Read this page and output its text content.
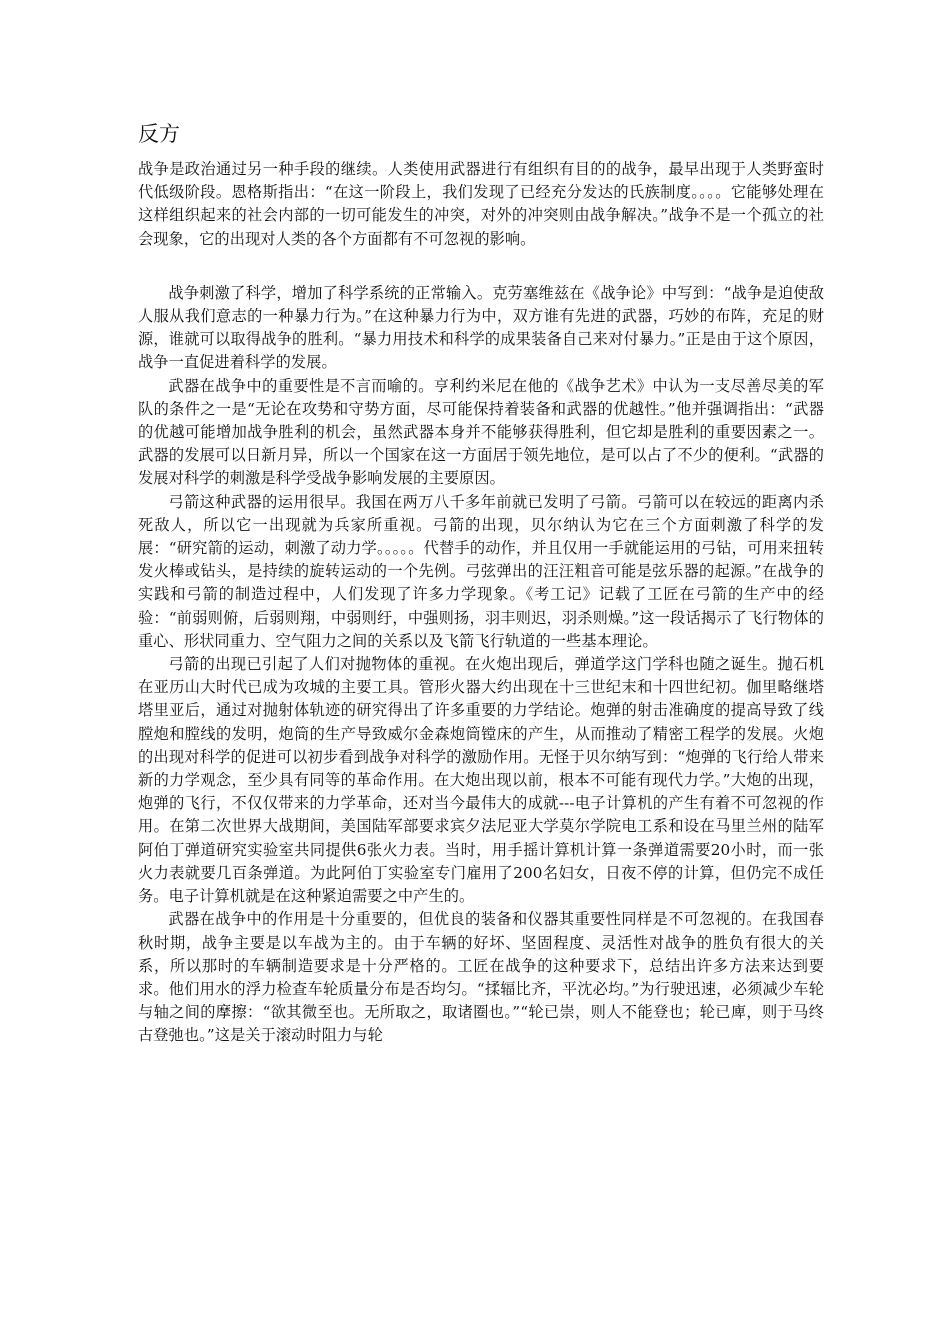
反方

战争是政治通过另一种手段的继续。人类使用武器进行有组织有目的的战争，最早出现于人类野蛮时代低级阶段。恩格斯指出：“在这一阶段上，我们发现了已经充分发达的氏族制度。。。。它能够处理在这样组织起来的社会内部的一切可能发生的冲突，对外的冲突则由战争解决。”战争不是一个孤立的社会现象，它的出现对人类的各个方面都有不可忽视的影响。

战争刺激了科学，增加了科学系统的正常输入。克劳塞维兹在《战争论》中写到：“战争是迫使敌人服从我们意志的一种暴力行为。”在这种暴力行为中，双方谁有先进的武器，巧妙的布阵，充足的财源，谁就可以取得战争的胜利。“暴力用技术和科学的成果装备自己来对付暴力。”正是由于这个原因，战争一直促进着科学的发展。

武器在战争中的重要性是不言而喻的。亨利约米尼在他的《战争艺术》中认为一支尽善尽美的军队的条件之一是“无论在攻势和守势方面，尽可能保持着装备和武器的优越性。”他并强调指出：“武器的优越可能增加战争胜利的机会，虽然武器本身并不能够获得胜利，但它却是胜利的重要因素之一。武器的发展可以日新月异，所以一个国家在这一方面居于领先地位，是可以占了不少的便利。“武器的发展对科学的刺激是科学受战争影响发展的主要原因。

弓箭这种武器的运用很早。我国在两万八千多年前就已发明了弓箭。弓箭可以在较远的距离内杀死敌人，所以它一出现就为兵家所重视。弓箭的出现，贝尔纳认为它在三个方面刺激了科学的发展：“研究箭的运动，刺激了动力学。。。。。代替手的动作，并且仅用一手就能运用的弓钻，可用来扭转发火棒或钻头，是持续的旋转运动的一个先例。弓弦弹出的汪汪粗音可能是弦乐器的起源。”在战争的实践和弓箭的制造过程中，人们发现了许多力学现象。《考工记》记载了工匠在弓箭的生产中的经验：“前弱则俯，后弱则翔，中弱则纡，中强则扬，羽丰则迟，羽杀则燥。”这一段话揭示了飞行物体的重心、形状同重力、空气阻力之间的关系以及飞箭飞行轨道的一些基本理论。

弓箭的出现已引起了人们对抛物体的重视。在火炮出现后，弹道学这门学科也随之诞生。抛石机在亚历山大时代已成为攻城的主要工具。管形火器大约出现在十三世纪末和十四世纪初。伽里略继塔塔里亚后，通过对抛射体轨迹的研究得出了许多重要的力学结论。炮弹的射击准确度的提高导致了线膛炮和膛线的发明，炮筒的生产导致威尔金森炮筒镗床的产生，从而推动了精密工程学的发展。火炮的出现对科学的促进可以初步看到战争对科学的激励作用。无怪于贝尔纳写到：“炮弹的飞行给人带来新的力学观念，至少具有同等的革命作用。在大炮出现以前，根本不可能有现代力学。”大炮的出现，炮弹的飞行，不仅仅带来的力学革命，还对当今最伟大的成就---电子计算机的产生有着不可忽视的作用。在第二次世界大战期间，美国陆军部要求宾夕法尼亚大学莫尔学院电工系和设在马里兰州的陆军阿伯丁弹道研究实验室共同提供6张火力表。当时，用手摇计算机计算一条弹道需要20小时，而一张火力表就要几百条弹道。为此阿伯丁实验室专门雇用了200名妇女，日夜不停的计算，但仍完不成任务。电子计算机就是在这种紧迫需要之中产生的。

武器在战争中的作用是十分重要的，但优良的装备和仪器其重要性同样是不可忽视的。在我国春秋时期，战争主要是以车战为主的。由于车辆的好坏、坚固程度、灵活性对战争的胜负有很大的关系，所以那时的车辆制造要求是十分严格的。工匠在战争的这种要求下，总结出许多方法来达到要求。他们用水的浮力检查车轮质量分布是否均匀。“揉辐比齐，平沈必均。”为行驶迅速，必须减少车轮与轴之间的摩擦：“欲其微至也。无所取之，取诸圈也。”“轮已崇，则人不能登也；轮已庳，则于马终古登弛也。”这是关于滚动时阻力与轮
